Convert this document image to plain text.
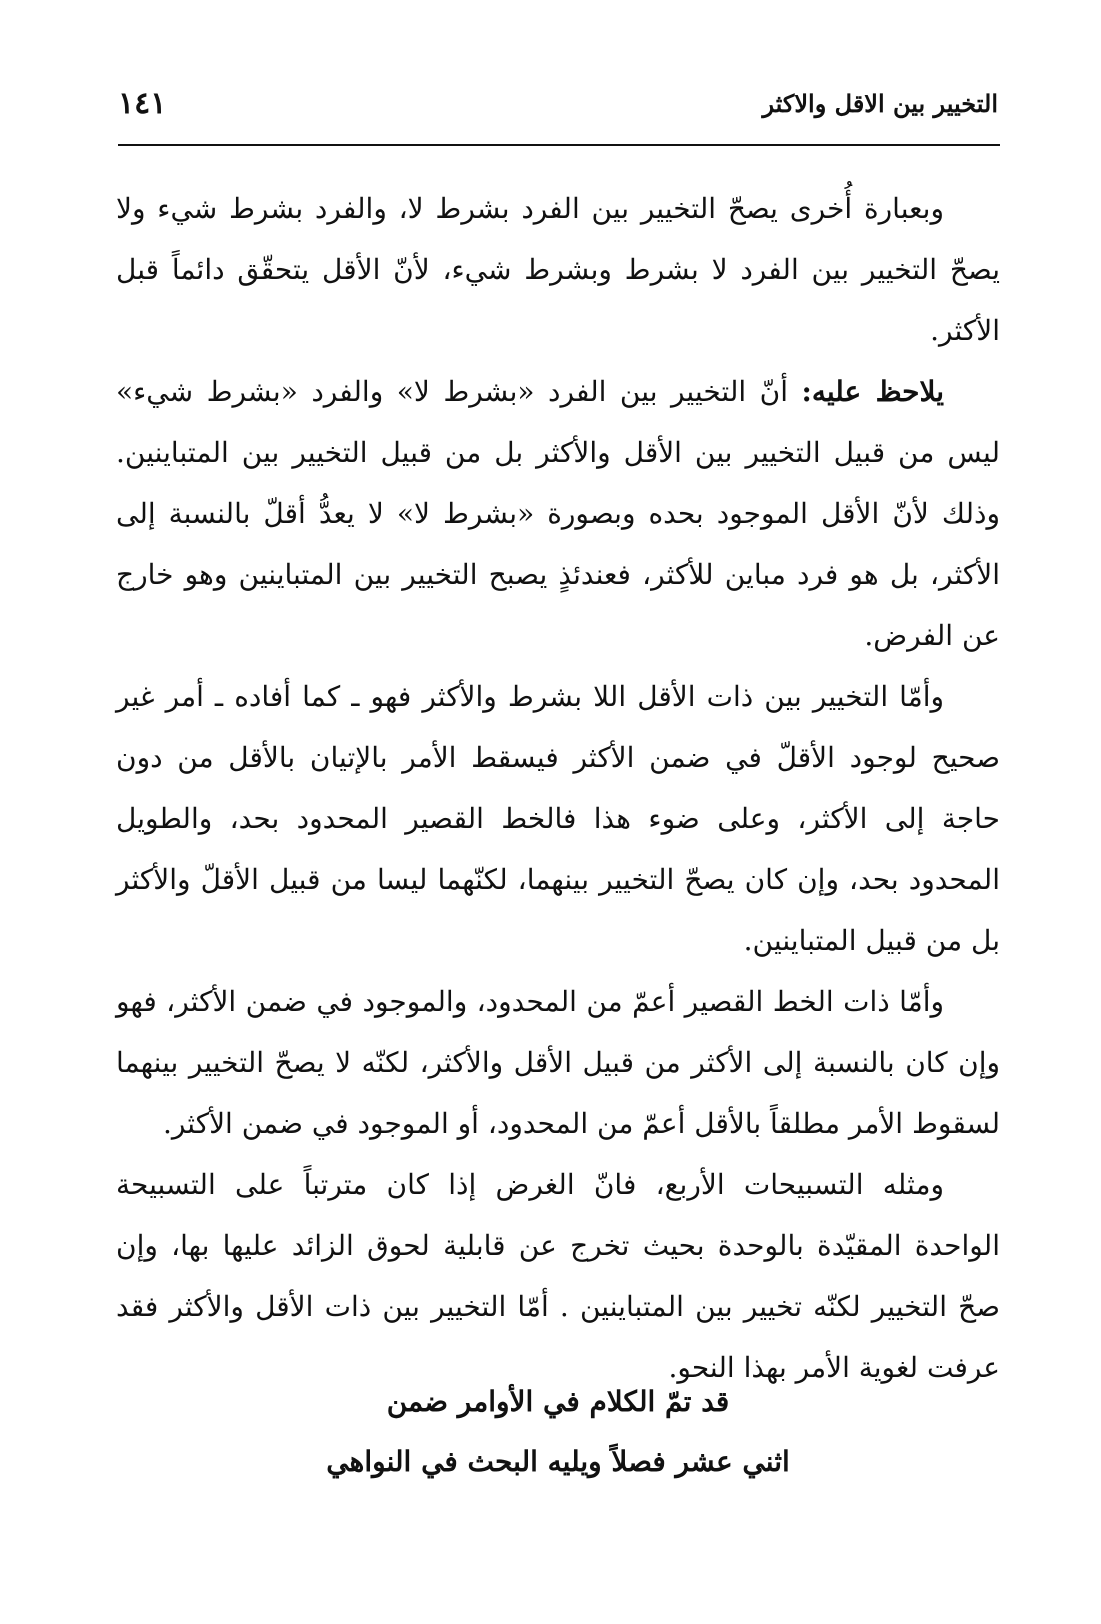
التخيير بين الاقل والاكثر
١٤١

وبعبارة أُخرى يصحّ التخيير بين الفرد بشرط لا، والفرد بشرط شيء ولا يصحّ التخيير بين الفرد لا بشرط وبشرط شيء، لأنّ الأقل يتحقّق دائماً قبل الأكثر.

يلاحظ عليه: أنّ التخيير بين الفرد «بشرط لا» والفرد «بشرط شيء» ليس من قبيل التخيير بين الأقل والأكثر بل من قبيل التخيير بين المتباينين. وذلك لأنّ الأقل الموجود بحده وبصورة «بشرط لا» لا يعدُّ أقلّ بالنسبة إلى الأكثر، بل هو فرد مباين للأكثر، فعندئذٍ يصبح التخيير بين المتباينين وهو خارج عن الفرض.

وأمّا التخيير بين ذات الأقل اللا بشرط والأكثر فهو ـ كما أفاده ـ أمر غير صحيح لوجود الأقلّ في ضمن الأكثر فيسقط الأمر بالإتيان بالأقل من دون حاجة إلى الأكثر، وعلى ضوء هذا فالخط القصير المحدود بحد، والطويل المحدود بحد، وإن كان يصحّ التخيير بينهما، لكنّهما ليسا من قبيل الأقلّ والأكثر بل من قبيل المتباينين.

وأمّا ذات الخط القصير أعمّ من المحدود، والموجود في ضمن الأكثر، فهو وإن كان بالنسبة إلى الأكثر من قبيل الأقل والأكثر، لكنّه لا يصحّ التخيير بينهما لسقوط الأمر مطلقاً بالأقل أعمّ من المحدود، أو الموجود في ضمن الأكثر.

ومثله التسبيحات الأربع، فانّ الغرض إذا كان مترتباً على التسبيحة الواحدة المقيّدة بالوحدة بحيث تخرج عن قابلية لحوق الزائد عليها بها، وإن صحّ التخيير لكنّه تخيير بين المتباينين . أمّا التخيير بين ذات الأقل والأكثر فقد عرفت لغوية الأمر بهذا النحو.

قد تمّ الكلام في الأوامر ضمن
اثني عشر فصلاً ويليه البحث في النواهي
